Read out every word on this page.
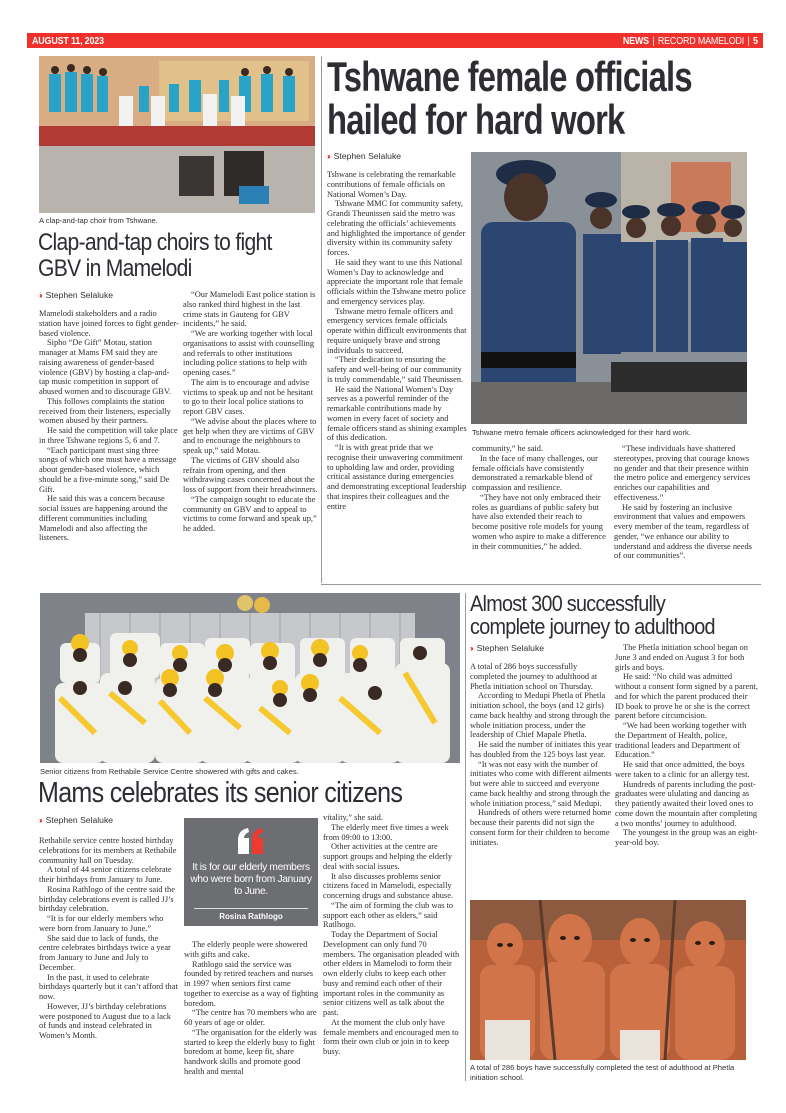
AUGUST 11, 2023	NEWS | RECORD MAMELODI | 5
A clap-and-tap choir from Tshwane.
Clap-and-tap choirs to fight
GBV in Mamelodi
›› Stephen Selaluke

Mamelodi stakeholders and a radio station have joined forces to fight gender-based violence.

Sipho “De Gift” Motau, station manager at Mams FM said they are raising awareness of gender-based violence (GBV) by hosting a clap-and-tap music competition in support of abused women and to discourage GBV.

This follows complaints the station received from their listeners, especially women abused by their partners.

He said the competition will take place in three Tshwane regions 5, 6 and 7.

“Each participant must sing three songs of which one must have a message about gender-based violence, which should be a five-minute song,” said De Gift.

He said this was a concern because social issues are happening around the different communities including Mamelodi and also affecting the listeners.

“Our Mamelodi East police station is also ranked third highest in the last crime stats in Gauteng for GBV incidents,” he said.

“We are working together with local organisations to assist with counselling and referrals to other institutions including police stations to help with opening cases.”

The aim is to encourage and advise victims to speak up and not be hesitant to go to their local police stations to report GBV cases.

“We advise about the places where to get help when they are victims of GBV and to encourage the neighbours to speak up,” said Motau.

The victims of GBV should also refrain from opening, and then withdrawing cases concerned about the loss of support from their breadwinners.

“The campaign sought to educate the community on GBV and to appeal to victims to come forward and speak up,” he added.

Tshwane female officials
hailed for hard work
›› Stephen Selaluke

Tshwane is celebrating the remarkable contributions of female officials on National Women’s Day.

Tshwane MMC for community safety, Grandi Theunissen said the metro was celebrating the officials’ achievements and highlighted the importance of gender diversity within its community safety forces.

He said they want to use this National Women’s Day to acknowledge and appreciate the important role that female officials within the Tshwane metro police and emergency services play.

Tshwane metro female officers and emergency services female officials operate within difficult environments that require uniquely brave and strong individuals to succeed.

“Their dedication to ensuring the safety and well-being of our community is truly commendable,” said Theunissen.

He said the National Women’s Day serves as a powerful reminder of the remarkable contributions made by women in every facet of society and female officers stand as shining examples of this dedication.

“It is with great pride that we recognise their unwavering commitment to upholding law and order, providing critical assistance during emergencies and demonstrating exceptional leadership that inspires their colleagues and the entire

Tshwane metro female officers acknowledged for their hard work.

community,” he said.

In the face of many challenges, our female officials have consistently demonstrated a remarkable blend of compassion and resilience.

“They have not only embraced their roles as guardians of public safety but have also extended their reach to become positive role models for young women who aspire to make a difference in their communities,” he added.

“These individuals have shattered stereotypes, proving that courage knows no gender and that their presence within the metro police and emergency services enriches our capabilities and effectiveness.”

He said by fostering an inclusive environment that values and empowers every member of the team, regardless of gender, “we enhance our ability to understand and address the diverse needs of our communities”.

Senior citizens from Rethabile Service Centre showered with gifts and cakes.
Mams celebrates its senior citizens
›› Stephen Selaluke

Rethabile service centre hosted birthday celebrations for its members at Rethabile community hall on Tuesday.

A total of 44 senior citizens celebrate their birthdays from January to June.

Rosina Rathlogo of the centre said the birthday celebrations event is called JJ’s birthday celebration.

“It is for our elderly members who were born from January to June.”

She said due to lack of funds, the centre celebrates birthdays twice a year from January to June and July to December.

In the past, it used to celebrate birthdays quarterly but it can’t afford that now.

However, JJ’s birthday celebrations were postponed to August due to a lack of funds and instead celebrated in Women’s Month.

It is for our elderly members who were born from January to June.
Rosina Rathlogo

The elderly people were showered with gifts and cake.

Rathlogo said the service was founded by retired teachers and nurses in 1997 when seniors first came together to exercise as a way of fighting boredom.

“The centre has 70 members who are 60 years of age or older.

“The organisation for the elderly was started to keep the elderly busy to fight boredom at home, keep fit, share handwork skills and promote good health and mental

vitality,” she said.

The elderly meet five times a week from 09:00 to 13:00.

Other activities at the centre are support groups and helping the elderly deal with social issues.

It also discusses problems senior citizens faced in Mamelodi, especially concerning drugs and substance abuse.

“The aim of forming the club was to support each other as elders,” said Ratlhogo.

Today the Department of Social Development can only fund 70 members. The organisation pleaded with other elders in Mamelodi to form their own elderly clubs to keep each other busy and remind each other of their important roles in the community as senior citizens well as talk about the past.

At the moment the club only have female members and encouraged men to form their own club or join in to keep busy.

Almost 300 successfully
complete journey to adulthood
›› Stephen Selaluke

A total of 286 boys successfully completed the journey to adulthood at Phetla initiation school on Thursday.

According to Medupi Phetla of Phetla initiation school, the boys (and 12 girls) came back healthy and strong through the whole initiation process, under the leadership of Chief Mapale Phetla.

He said the number of initiates this year has doubled from the 125 boys last year.

“It was not easy with the number of initiates who come with different ailments but were able to succeed and everyone came back healthy and strong through the whole initiation process,” said Medupi.

Hundreds of others were returned home because their parents did not sign the consent form for their children to become initiates.

The Phetla initiation school began on June 3 and ended on August 3 for both girls and boys.

He said: “No child was admitted without a consent form signed by a parent, and for which the parent produced their ID book to prove he or she is the correct parent before circumcision.

“We had been working together with the Department of Health, police, traditional leaders and Department of Education.”

He said that once admitted, the boys were taken to a clinic for an allergy test.

Hundreds of parents including the post-graduates were ululating and dancing as they patiently awaited their loved ones to come down the mountain after completing a two months’ journey to adulthood.

The youngest in the group was an eight-year-old boy.

A total of 286 boys have successfully completed the test of adulthood at Phetla initiation school.
